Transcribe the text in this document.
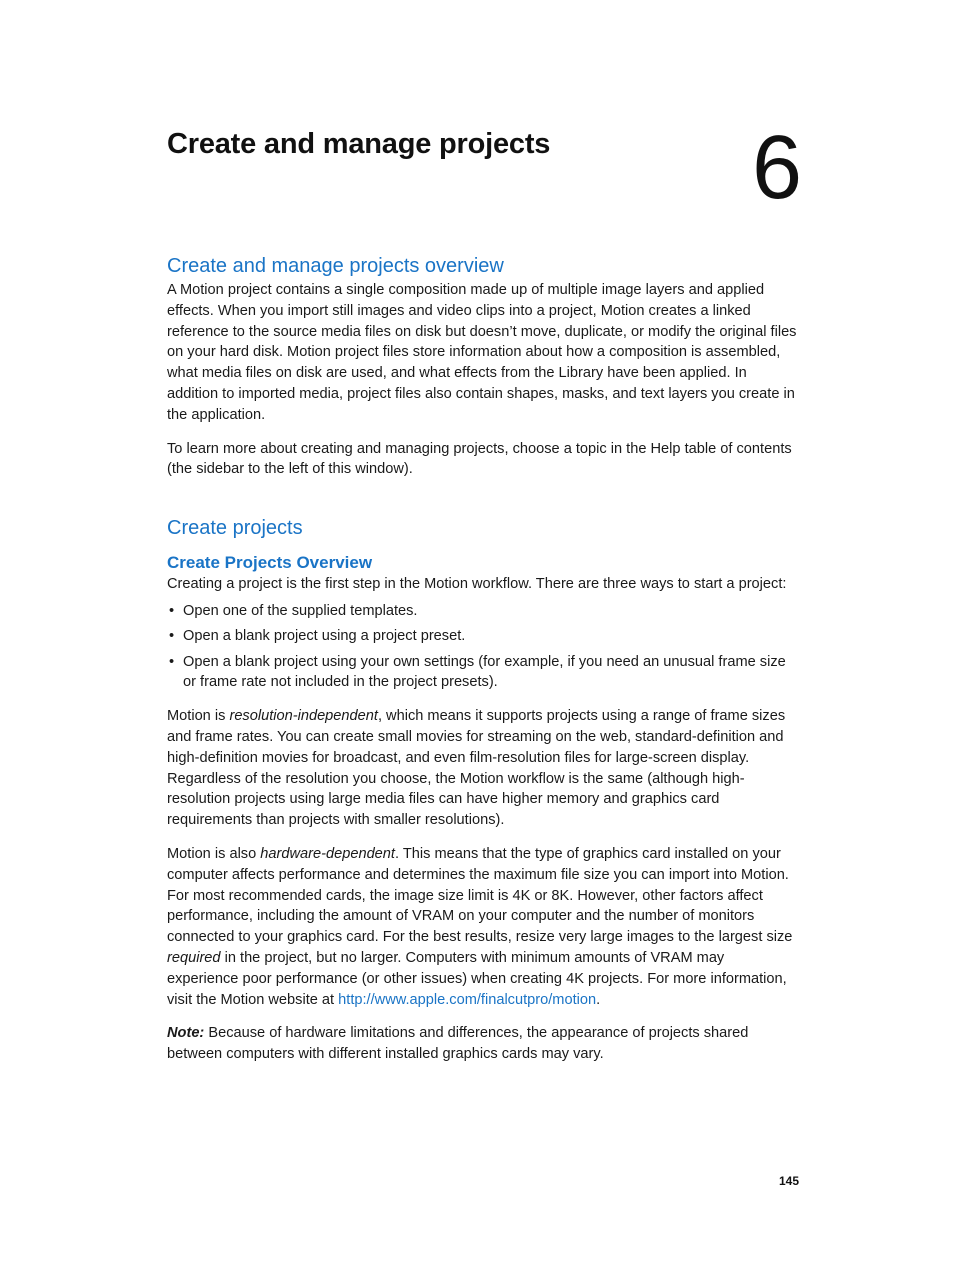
Create and manage projects 6
Create and manage projects overview

A Motion project contains a single composition made up of multiple image layers and applied effects. When you import still images and video clips into a project, Motion creates a linked reference to the source media files on disk but doesn’t move, duplicate, or modify the original files on your hard disk. Motion project files store information about how a composition is assembled, what media files on disk are used, and what effects from the Library have been applied. In addition to imported media, project files also contain shapes, masks, and text layers you create in the application.

To learn more about creating and managing projects, choose a topic in the Help table of contents (the sidebar to the left of this window).

Create projects
Create Projects Overview

Creating a project is the first step in the Motion workflow. There are three ways to start a project:

• Open one of the supplied templates.
• Open a blank project using a project preset.
• Open a blank project using your own settings (for example, if you need an unusual frame size or frame rate not included in the project presets).

Motion is resolution-independent, which means it supports projects using a range of frame sizes and frame rates. You can create small movies for streaming on the web, standard-definition and high-definition movies for broadcast, and even film-resolution files for large-screen display. Regardless of the resolution you choose, the Motion workflow is the same (although high-resolution projects using large media files can have higher memory and graphics card requirements than projects with smaller resolutions).

Motion is also hardware-dependent. This means that the type of graphics card installed on your computer affects performance and determines the maximum file size you can import into Motion. For most recommended cards, the image size limit is 4K or 8K. However, other factors affect performance, including the amount of VRAM on your computer and the number of monitors connected to your graphics card. For the best results, resize very large images to the largest size required in the project, but no larger. Computers with minimum amounts of VRAM may experience poor performance (or other issues) when creating 4K projects. For more information, visit the Motion website at http://www.apple.com/finalcutpro/motion.

Note: Because of hardware limitations and differences, the appearance of projects shared between computers with different installed graphics cards may vary.

145
